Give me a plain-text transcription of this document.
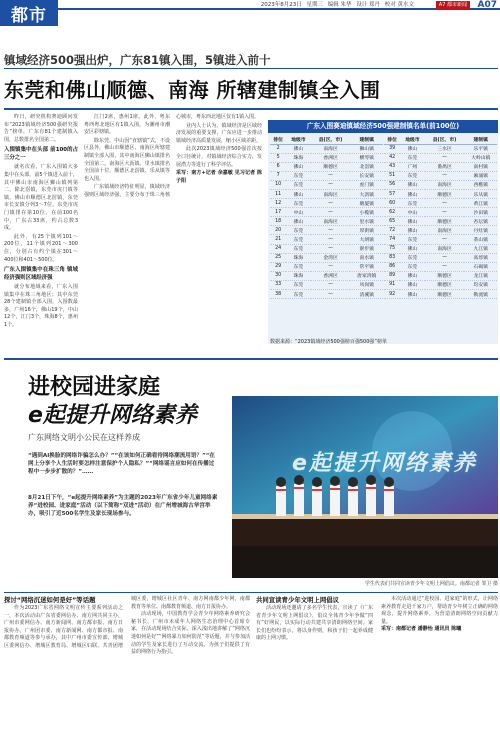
都市
2023年8月23日 星期三 编辑 朱华 设计 郑丹 校对 黄水文	A7 都市新闻	A07
镇域经济500强出炉，广东81镇入围，5镇进入前十
东莞和佛山顺德、南海 所辖建制镇全入围

昨日，研究机构赛迪顾问发布“2023镇域经济500强研究报告”榜单，广东有81个建制镇入围，总数排名全国第二。

入围镇集中在头部 前100的占三分之一

就名次看，广东入围镇大多集中在头部，前5个镇进入前十，其中佛山市南海区狮山镇列第二，除北滘镇，东莞市虎门镇等镇，佛山市顺德区北滘镇，东莞市长安镇分列3～7位，东莞市虎门镇排在第10位，在前100名中，广东占33席，约占总数3成。

此外，有25个镇列101～200位，11个镇列201～300位，分别占有约个镇在301～400位和401～500位。

广东入围镇集中在珠三角 镇域经济强则区域经济强

就分布地域来看，广东入围镇集中在珠三角地区；其中东莞28个建制镇全部入围，入围数最多，广州16个，佛山19个，中山12个，江门3个，珠海8个，惠州1个。

江门2席，惠州1席。此外，粤东粤西粤北地区有1镇入围，为潮州市潮安区彩塘镇。

除东莞，中山因“直辖镇”式，不设区县外，佛山市顺德区、南海区所辖建制镇全部入围，其中南海区狮山镇排名全国第二。南海区大沥镇、里水镇排名全国前十位，顺德区北滘镇、乐从镇等也入围。

广东镇域经济特征明显，镇域经济强则区域经济强，主要分布于珠三角核心城市，粤东西北地区仅有1镇入围。

业内人士认为，镇域经济是区域经济发展的重要支撑，广东应进一步推动镇域经济高质量发展，缩小区域差距。

此次2023镇域经济500强首次按全口径统计，对镇域经济综合实力、发展潜力等进行了科学评估。

采写：南方+记者 余嘉敏 见习记者 陈子阳

广东入围赛迪镇域经济500强建制镇名单(前100位)
排位	地级市	县(区、市)	建制镇
2	佛山	南海区	狮山镇
5	珠海	香洲区	横琴镇
6	佛山	顺德区	北滘镇
7	东莞	—	长安镇
10	东莞	—	虎门镇
11	佛山	南海区	大沥镇
12	东莞	—	塘厦镇
17	中山	—	小榄镇
18	佛山	南海区	里水镇
20	东莞	—	厚街镇
21	东莞	—	大朗镇
24	东莞	—	寮步镇
25	珠海	金湾区	南水镇
29	东莞	—	常平镇
30	珠海	香洲区	唐家湾镇
33	东莞	—	凤岗镇
38	东莞	—	清溪镇
排位	地级市	县(区、市)	建制镇
39	佛山	三水区	乐平镇
42	东莞	—	大岭山镇
43	广州	番禺区	南村镇
51	东莞	—	麻涌镇
56	佛山	南海区	西樵镇
57	佛山	顺德区	乐从镇
60	东莞	—	黄江镇
62	中山	—	沙田镇
65	佛山	顺德区	杏坛镇
72	佛山	南海区	丹灶镇
74	东莞	—	茶山镇
75	佛山	南海区	九江镇
83	东莞	—	高埗镇
86	东莞	—	石碣镇
89	佛山	顺德区	龙江镇
91	佛山	顺德区	均安镇
92	佛山	顺德区	勒流镇
数据来源：“2023镇域经济500强榜百强500强”榜单
进校园进家庭
e起提升网络素养
广东网络文明小公民在这样养成
“遇到AI换脸的网络诈骗怎么办？”“在该如何正确看待网络潮流用语？”“在网上分享个人生活时要怎样注意保护个人隐私？”“网络谣言应如何在传播过程中一步步扩散的？”……
8月21日下午，“e起提升网络素养”为主题的2023年广东省少年儿童网络素养“进校园、进家庭”活动（以下简称“双进”活动）在广州增城海古华宫举办，吸引了近500名学生及家长现场参与。
e起提升网络素养
学生代表们共同宣读青少年文明上网倡议。南都记者 邹卫 摄
探讨“网络沉迷如何是好”等话题

作为2023广东省网络文明宣传主要系列活动之一，本次活动由广东省委网信办、南方网共同主办，广州市委网信办、南方新闻网、南方都市报、南方日报协办。广州团市委、南方新闻网、南方都市报、南都教育频道等参与承办，其中广州市委宣传部、增城区委网信办、增城区教育局、增城区妇联、共青团增城区委，增城区社区青年、南方网南都少年网，南都教育等单位、南都教育频道、南方日报协办。

活动现场，中国教育学会青少年网络素养研究会秘书长、广州市未成年人网络生态治理中心首席专家，在活动现场结合实际，深入浅出地讲解了“网络沉迷如何是好”“网络暴力如何防范”等话题，并与参加活动的学生及家长进行了互动交流，为孩子们提供了有益的网络行为指引。

共同宣读青少年文明上网倡议

活动现场还邀请了多名学生代表，宣读了《广东省青少年文明上网倡议》，倡议全体青少年争做“四有”好网民，以实际行动共建共享清朗网络空间。家长们也纷纷表示，将以身作则，和孩子们一起养成健康的上网习惯。

本次活动通过“进校园、进家庭”的形式，让网络素养教育走进千家万户，帮助青少年树立正确的网络观念，提升网络素养，为营造清朗网络空间贡献力量。

采写：南都记者 潘静怡 通讯员 陈曦
